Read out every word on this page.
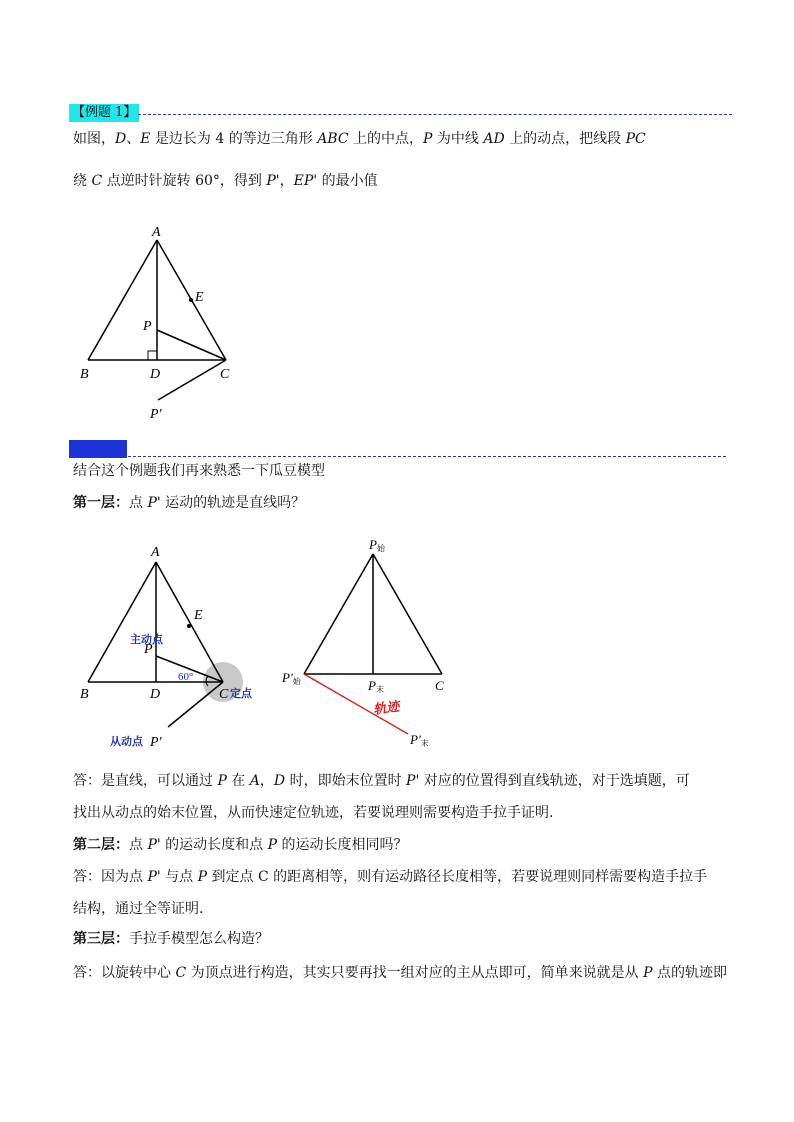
【例题 1】
如图，D、E 是边长为 4 的等边三角形 ABC 上的中点，P 为中线 AD 上的动点，把线段 PC
绕 C 点逆时针旋转 60°，得到 P'，EP' 的最小值
A
B	D	C
E
P
P'
【分析】
结合这个例题我们再来熟悉一下瓜豆模型
第一层：点 P' 运动的轨迹是直线吗？
A
B	D	C
E
P
P'
60°
主动点
定点
从动点
P始
P'始	P末	C
P'末
轨迹
答：是直线，可以通过 P 在 A，D 时，即始末位置时 P' 对应的位置得到直线轨迹，对于选填题，可
找出从动点的始末位置，从而快速定位轨迹，若要说理则需要构造手拉手证明.
第二层：点 P' 的运动长度和点 P 的运动长度相同吗？
答：因为点 P' 与点 P 到定点 C 的距离相等，则有运动路径长度相等，若要说理则同样需要构造手拉手
结构，通过全等证明.
第三层：手拉手模型怎么构造？
答：以旋转中心 C 为顶点进行构造，其实只要再找一组对应的主从点即可，简单来说就是从 P 点的轨迹即
